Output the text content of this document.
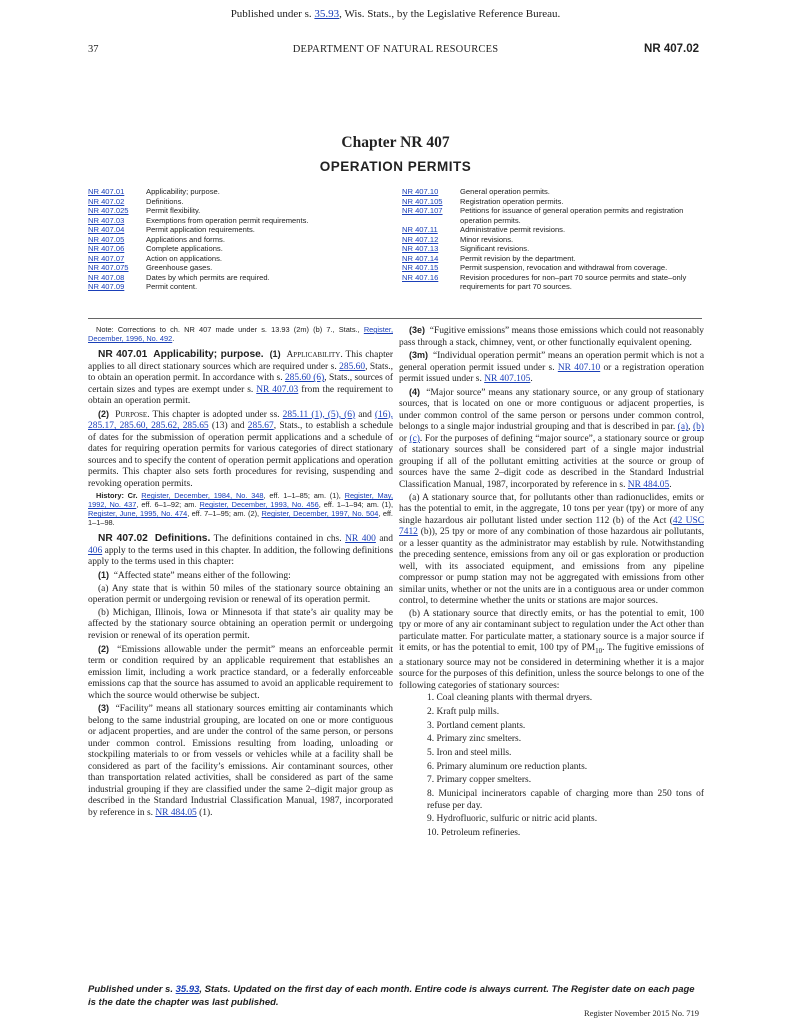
Published under s. 35.93, Wis. Stats., by the Legislative Reference Bureau.
37	DEPARTMENT OF NATURAL RESOURCES	NR 407.02
Chapter NR 407
OPERATION PERMITS
NR 407.01	Applicability; purpose.
NR 407.02	Definitions.
NR 407.025	Permit flexibility.
NR 407.03	Exemptions from operation permit requirements.
NR 407.04	Permit application requirements.
NR 407.05	Applications and forms.
NR 407.06	Complete applications.
NR 407.07	Action on applications.
NR 407.075	Greenhouse gases.
NR 407.08	Dates by which permits are required.
NR 407.09	Permit content.
NR 407.10	General operation permits.
NR 407.105	Registration operation permits.
NR 407.107	Petitions for issuance of general operation permits and registration operation permits.
NR 407.11	Administrative permit revisions.
NR 407.12	Minor revisions.
NR 407.13	Significant revisions.
NR 407.14	Permit revision by the department.
NR 407.15	Permit suspension, revocation and withdrawal from coverage.
NR 407.16	Revision procedures for non–part 70 source permits and state–only requirements for part 70 sources.

Note: Corrections to ch. NR 407 made under s. 13.93 (2m) (b) 7., Stats., Register, December, 1996, No. 492.

NR 407.01 Applicability; purpose. (1) Applicability. This chapter applies to all direct stationary sources which are required under s. 285.60, Stats., to obtain an operation permit. In accordance with s. 285.60 (6), Stats., sources of certain sizes and types are exempt under s. NR 407.03 from the requirement to obtain an operation permit.

(2) Purpose. This chapter is adopted under ss. 285.11 (1), (5), (6) and (16), 285.17, 285.60, 285.62, 285.65 (13) and 285.67, Stats., to establish a schedule of dates for the submission of operation permit applications and a schedule of dates for requiring operation permits for various categories of direct stationary sources and to specify the content of operation permit applications and operation permits. This chapter also sets forth procedures for revising, suspending and revoking operation permits.

History: Cr. Register, December, 1984, No. 348, eff. 1–1–85; am. (1), Register, May, 1992, No. 437, eff. 6–1–92; am. Register, December, 1993, No. 456, eff. 1–1–94; am. (1), Register, June, 1995, No. 474, eff. 7–1–95; am. (2), Register, December, 1997, No. 504, eff. 1–1–98.

NR 407.02 Definitions. The definitions contained in chs. NR 400 and 406 apply to the terms used in this chapter. In addition, the following definitions apply to the terms used in this chapter:

(1) “Affected state” means either of the following:

(a) Any state that is within 50 miles of the stationary source obtaining an operation permit or undergoing revision or renewal of its operation permit.

(b) Michigan, Illinois, Iowa or Minnesota if that state’s air quality may be affected by the stationary source obtaining an operation permit or undergoing revision or renewal of its operation permit.

(2) “Emissions allowable under the permit” means an enforceable permit term or condition required by an applicable requirement that establishes an emission limit, including a work practice standard, or a federally enforceable emissions cap that the source has assumed to avoid an applicable requirement to which the source would otherwise be subject.

(3) “Facility” means all stationary sources emitting air contaminants which belong to the same industrial grouping, are located on one or more contiguous or adjacent properties, and are under the control of the same person, or persons under common control. Emissions resulting from loading, unloading or stockpiling materials to or from vessels or vehicles while at a facility shall be considered as part of the facility’s emissions. Air contaminant sources, other than transportation related activities, shall be considered as part of the same industrial grouping if they are classified under the same 2–digit major group as described in the Standard Industrial Classification Manual, 1987, incorporated by reference in s. NR 484.05 (1).

(3e) “Fugitive emissions” means those emissions which could not reasonably pass through a stack, chimney, vent, or other functionally equivalent opening.

(3m) “Individual operation permit” means an operation permit which is not a general operation permit issued under s. NR 407.10 or a registration operation permit issued under s. NR 407.105.

(4) “Major source” means any stationary source, or any group of stationary sources, that is located on one or more contiguous or adjacent properties, is under common control of the same person or persons under common control, belongs to a single major industrial grouping and that is described in par. (a), (b) or (c). For the purposes of defining “major source”, a stationary source or group of stationary sources shall be considered part of a single major industrial grouping if all of the pollutant emitting activities at the source or group of sources have the same 2–digit code as described in the Standard Industrial Classification Manual, 1987, incorporated by reference in s. NR 484.05.

(a) A stationary source that, for pollutants other than radionuclides, emits or has the potential to emit, in the aggregate, 10 tons per year (tpy) or more of any single hazardous air pollutant listed under section 112 (b) of the Act (42 USC 7412 (b)), 25 tpy or more of any combination of those hazardous air pollutants, or a lesser quantity as the administrator may establish by rule. Notwithstanding the preceding sentence, emissions from any oil or gas exploration or production well, with its associated equipment, and emissions from any pipeline compressor or pump station may not be aggregated with emissions from other similar units, whether or not the units are in a contiguous area or under common control, to determine whether the units or stations are major sources.

(b) A stationary source that directly emits, or has the potential to emit, 100 tpy or more of any air contaminant subject to regulation under the Act other than particulate matter. For particulate matter, a stationary source is a major source if it emits, or has the potential to emit, 100 tpy of $PM_{10}$. The fugitive emissions of a stationary source may not be considered in determining whether it is a major source for the purposes of this definition, unless the source belongs to one of the following categories of stationary sources:

1. Coal cleaning plants with thermal dryers.

2. Kraft pulp mills.

3. Portland cement plants.

4. Primary zinc smelters.

5. Iron and steel mills.

6. Primary aluminum ore reduction plants.

7. Primary copper smelters.

8. Municipal incinerators capable of charging more than 250 tons of refuse per day.

9. Hydrofluoric, sulfuric or nitric acid plants.

10. Petroleum refineries.

Published under s. 35.93, Stats. Updated on the first day of each month. Entire code is always current. The Register date on each page
is the date the chapter was last published.
Register November 2015 No. 719
